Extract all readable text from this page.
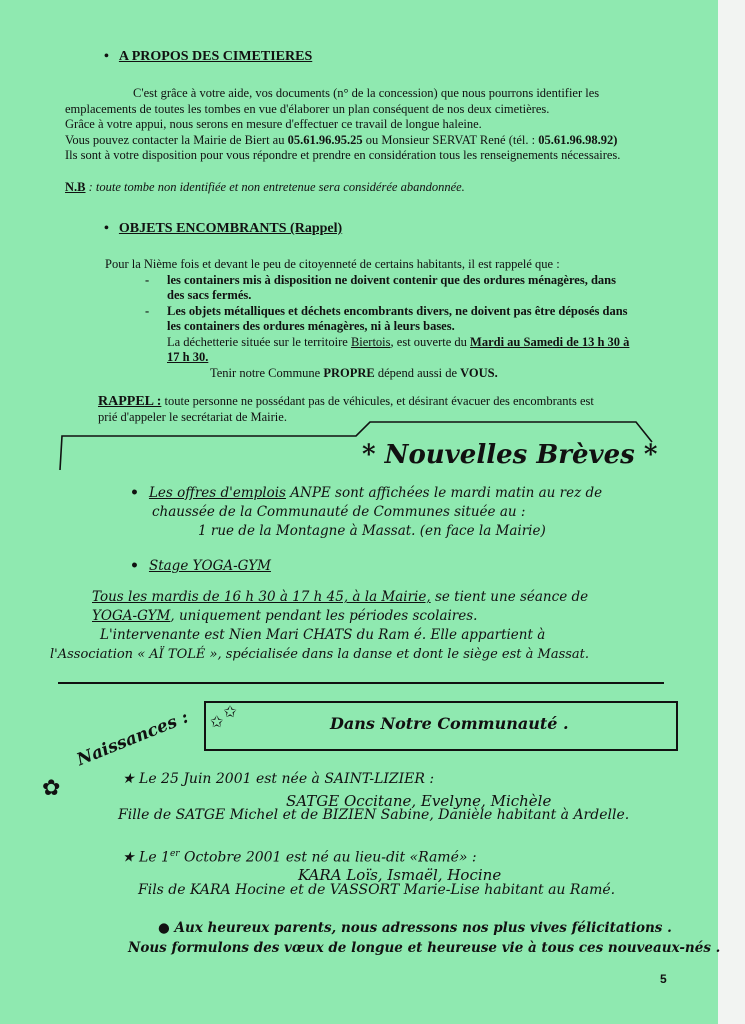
• A PROPOS DES CIMETIERES
C'est grâce à votre aide, vos documents (n° de la concession) que nous pourrons identifier les
emplacements de toutes les tombes en vue d'élaborer un plan conséquent de nos deux cimetières.
Grâce à votre appui, nous serons en mesure d'effectuer ce travail de longue haleine.
Vous pouvez contacter la Mairie de Biert au 05.61.96.95.25 ou Monsieur SERVAT René (tél. : 05.61.96.98.92)
Ils sont à votre disposition pour vous répondre et prendre en considération tous les renseignements nécessaires.
N.B : toute tombe non identifiée et non entretenue sera considérée abandonnée.
• OBJETS ENCOMBRANTS (Rappel)
Pour la Nième fois et devant le peu de citoyenneté de certains habitants, il est rappelé que :
- les containers mis à disposition ne doivent contenir que des ordures ménagères, dans
des sacs fermés.
- Les objets métalliques et déchets encombrants divers, ne doivent pas être déposés dans
les containers des ordures ménagères, ni à leurs bases.
La déchetterie située sur le territoire Biertois, est ouverte du Mardi au Samedi de 13 h 30 à
17 h 30.
Tenir notre Commune PROPRE dépend aussi de VOUS.
RAPPEL : toute personne ne possédant pas de véhicules, et désirant évacuer des encombrants est
prié d'appeler le secrétariat de Mairie.
* Nouvelles Brèves *
• Les offres d'emplois ANPE sont affichées le mardi matin au rez de
chaussée de la Communauté de Communes située au :
1 rue de la Montagne à Massat. (en face la Mairie)
• Stage YOGA-GYM
Tous les mardis de 16 h 30 à 17 h 45, à la Mairie, se tient une séance de
YOGA-GYM, uniquement pendant les périodes scolaires.
L'intervenante est Nien Mari CHATS du Ram é. Elle appartient à
l'Association « AÏ TOLÉ », spécialisée dans la danse et dont le siège est à Massat.
✩✩
Dans Notre Communauté .
✿
Naissances :
★ Le 25 Juin 2001 est née à SAINT-LIZIER :
SATGE Occitane, Evelyne, Michèle
Fille de SATGE Michel et de BIZIEN Sabine, Danièle habitant à Ardelle.
★ Le 1er Octobre 2001 est né au lieu-dit «Ramé» :
KARA Loïs, Ismaël, Hocine
Fils de KARA Hocine et de VASSORT Marie-Lise habitant au Ramé.
● Aux heureux parents, nous adressons nos plus vives félicitations .
Nous formulons des vœux de longue et heureuse vie à tous ces nouveaux-nés .
5
